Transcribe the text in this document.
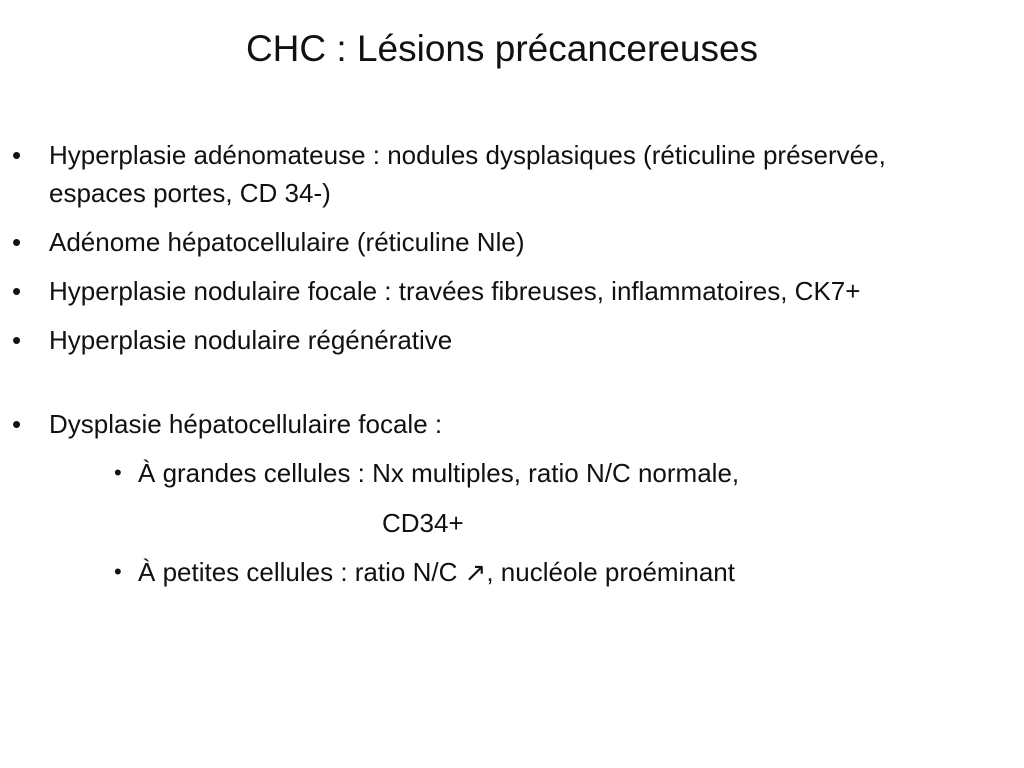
CHC : Lésions précancereuses
• Hyperplasie adénomateuse : nodules dysplasiques (réticuline préservée, espaces portes, CD 34-)
• Adénome hépatocellulaire (réticuline Nle)
• Hyperplasie nodulaire focale : travées fibreuses, inflammatoires, CK7+
• Hyperplasie nodulaire régénérative
• Dysplasie hépatocellulaire focale :
• À grandes cellules : Nx multiples, ratio N/C normale,
CD34+
• À petites cellules : ratio N/C ↗, nucléole proéminant
